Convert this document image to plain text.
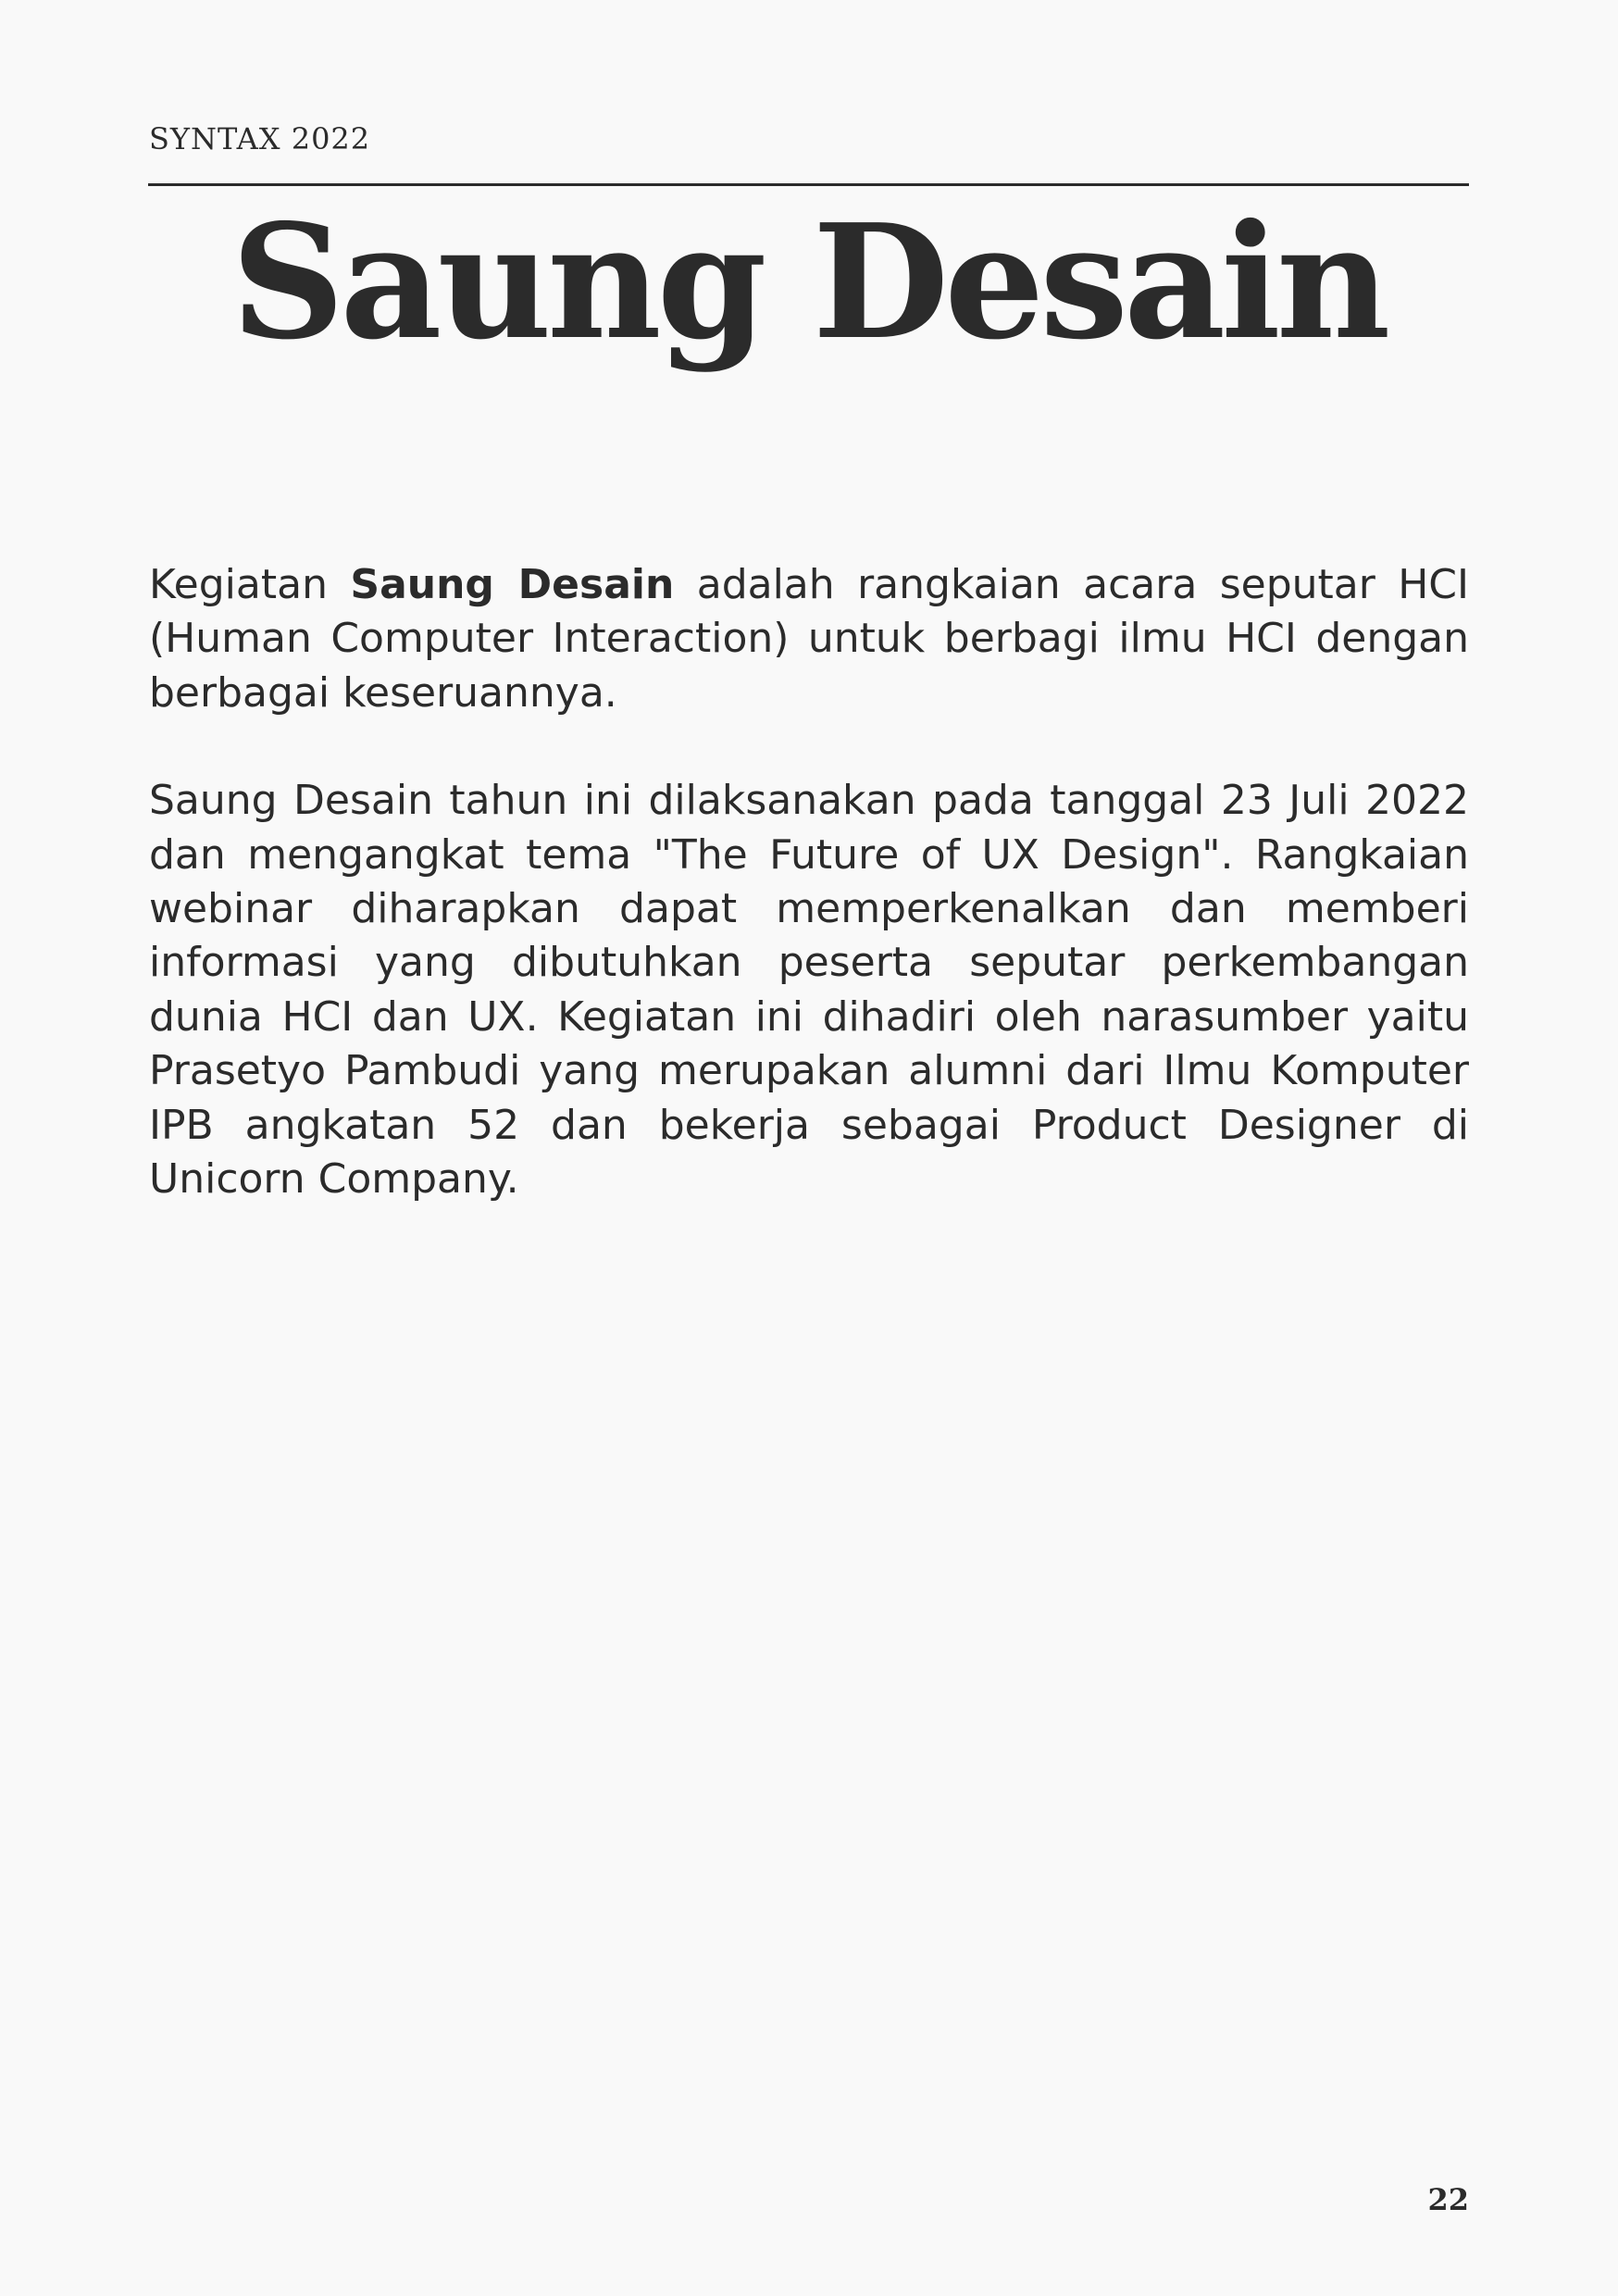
SYNTAX 2022
Saung Desain

Kegiatan Saung Desain adalah rangkaian acara seputar HCI (Human Computer Interaction) untuk berbagi ilmu HCI dengan berbagai keseruannya.

Saung Desain tahun ini dilaksanakan pada tanggal 23 Juli 2022 dan mengangkat tema "The Future of UX Design". Rangkaian webinar diharapkan dapat memperkenalkan dan memberi informasi yang dibutuhkan peserta seputar perkembangan dunia HCI dan UX. Kegiatan ini dihadiri oleh narasumber yaitu Prasetyo Pambudi yang merupakan alumni dari Ilmu Komputer IPB angkatan 52 dan bekerja sebagai Product Designer di Unicorn Company.

22
